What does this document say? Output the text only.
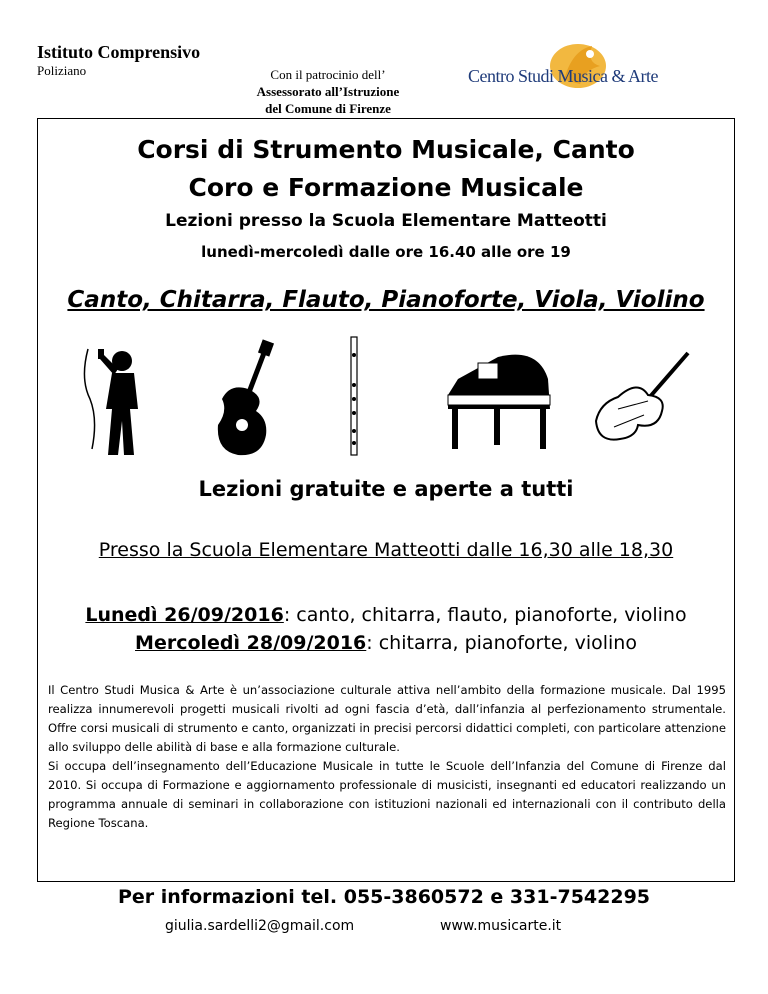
Istituto Comprensivo
Poliziano	Con il patrocinio dell’
Assessorato all’Istruzione
del Comune di Firenze
Centro Studi Musica & Arte
Corsi di Strumento Musicale, Canto
Coro e Formazione Musicale
Lezioni presso la Scuola Elementare Matteotti
lunedì-mercoledì dalle ore 16.40 alle ore 19
Canto, Chitarra, Flauto, Pianoforte, Viola, Violino
Lezioni gratuite e aperte a tutti
Presso la Scuola Elementare Matteotti dalle 16,30 alle 18,30
Lunedì 26/09/2016: canto, chitarra, flauto, pianoforte, violino
Mercoledì 28/09/2016: chitarra, pianoforte, violino

Il Centro Studi Musica & Arte è un’associazione culturale attiva nell’ambito della formazione musicale. Dal 1995 realizza innumerevoli progetti musicali rivolti ad ogni fascia d’età, dall’infanzia al perfezionamento strumentale. Offre corsi musicali di strumento e canto, organizzati in precisi percorsi didattici completi, con particolare attenzione allo sviluppo delle abilità di base e alla formazione culturale.

Si occupa dell’insegnamento dell’Educazione Musicale in tutte le Scuole dell’Infanzia del Comune di Firenze dal 2010. Si occupa di Formazione e aggiornamento professionale di musicisti, insegnanti ed educatori realizzando un programma annuale di seminari in collaborazione con istituzioni nazionali ed internazionali con il contributo della Regione Toscana.

Per informazioni tel. 055-3860572 e 331-7542295
giulia.sardelli2@gmail.com	www.musicarte.it
